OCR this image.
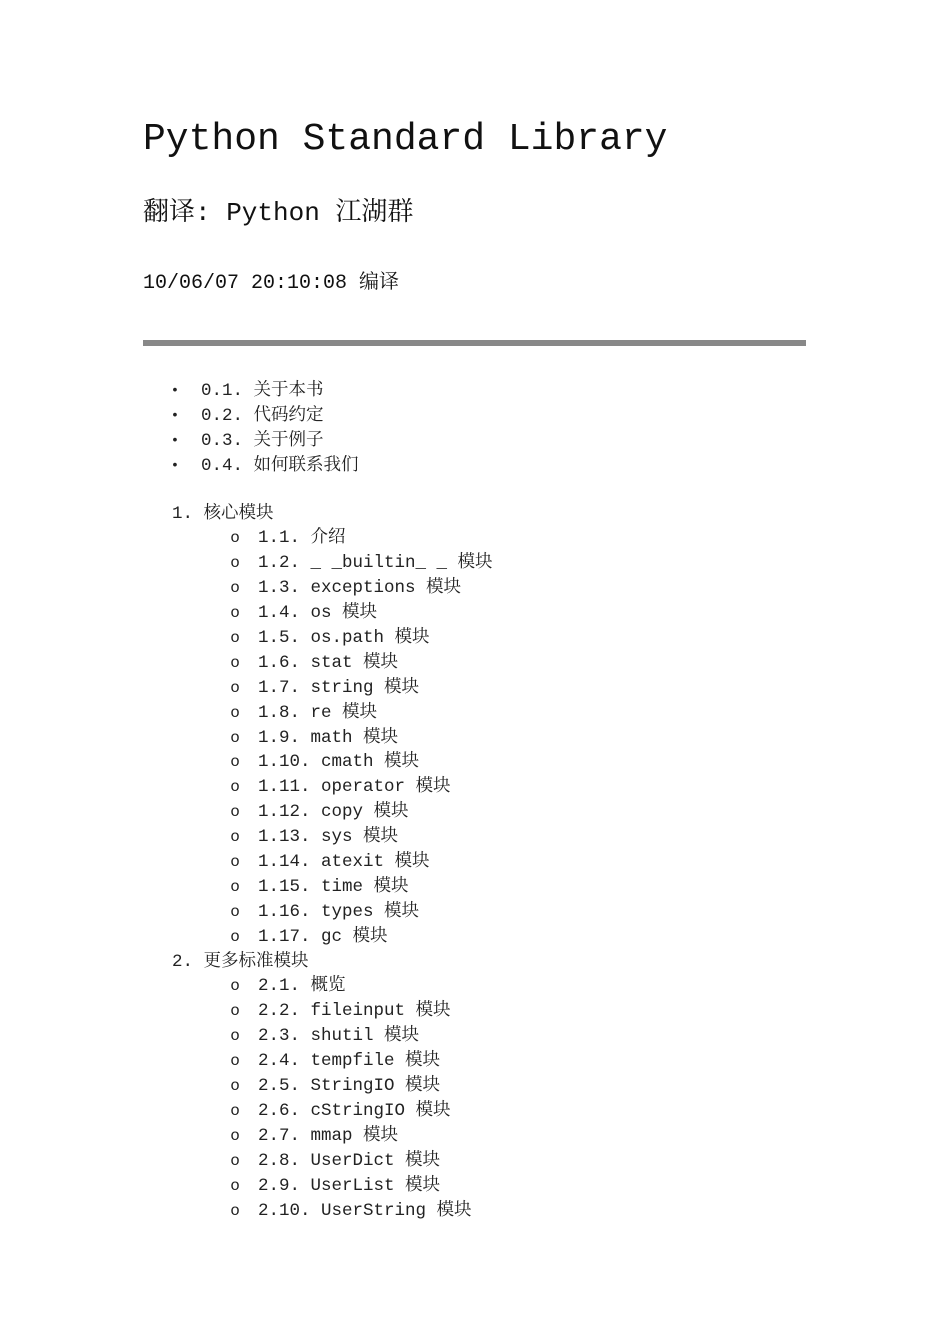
Python Standard Library
翻译: Python 江湖群
10/06/07 20:10:08 编译
• 0.1. 关于本书
• 0.2. 代码约定
• 0.3. 关于例子
• 0.4. 如何联系我们
1. 核心模块
o 1.1. 介绍
o 1.2. _ _builtin_ _ 模块
o 1.3. exceptions 模块
o 1.4. os 模块
o 1.5. os.path 模块
o 1.6. stat 模块
o 1.7. string 模块
o 1.8. re 模块
o 1.9. math 模块
o 1.10. cmath 模块
o 1.11. operator 模块
o 1.12. copy 模块
o 1.13. sys 模块
o 1.14. atexit 模块
o 1.15. time 模块
o 1.16. types 模块
o 1.17. gc 模块
2. 更多标准模块
o 2.1. 概览
o 2.2. fileinput 模块
o 2.3. shutil 模块
o 2.4. tempfile 模块
o 2.5. StringIO 模块
o 2.6. cStringIO 模块
o 2.7. mmap 模块
o 2.8. UserDict 模块
o 2.9. UserList 模块
o 2.10. UserString 模块
